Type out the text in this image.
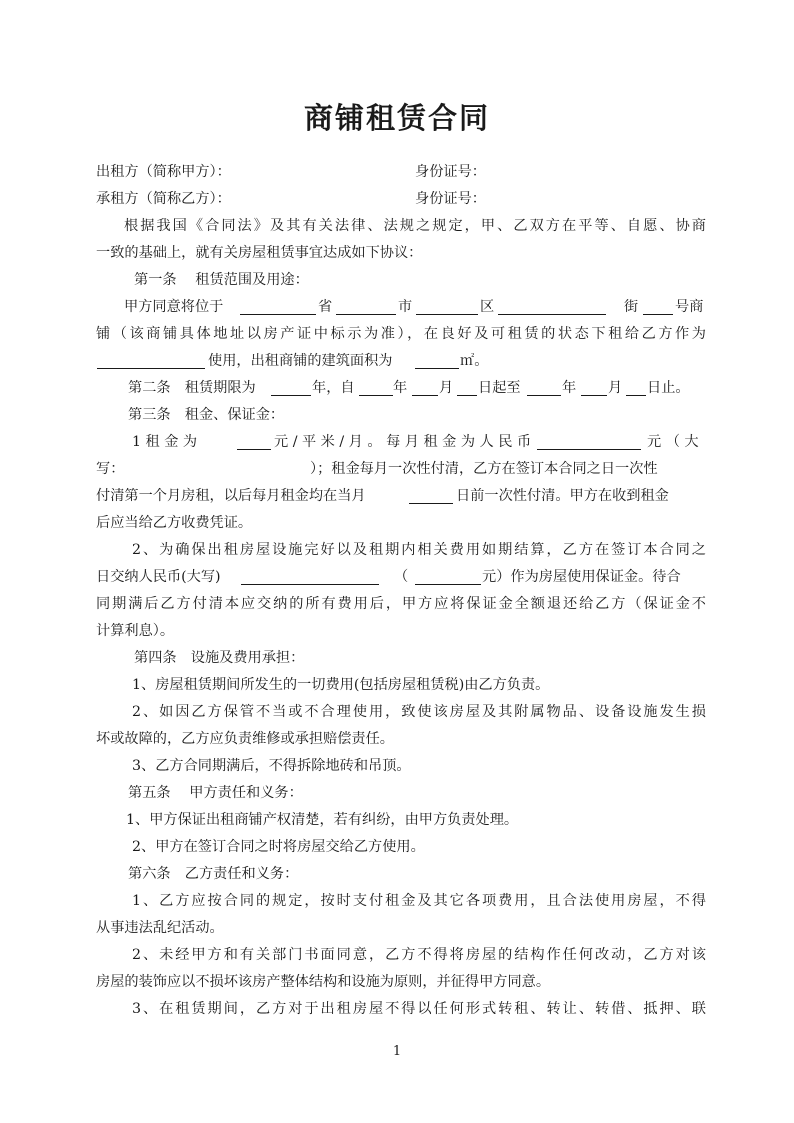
商铺租赁合同
出租方（简称甲方）：	身份证号：
承租方（简称乙方）：	身份证号：
根据我国《合同法》及其有关法律、法规之规定，甲、乙双方在平等、自愿、协商
一致的基础上，就有关房屋租赁事宜达成如下协议：
第一条　 租赁范围及用途：
甲方同意将位于	省	市	区	街	号商
铺（该商铺具体地址以房产证中标示为准），在良好及可租赁的状态下租给乙方作为
使用，出租商铺的建筑面积为	㎡。
第二条　租赁期限为	年，自	年 月 日起至	年 月 日止。
第三条　租金、保证金：
1 租 金 为	元 / 平 米 / 月 。 每 月 租 金 为 人 民 币	元 （ 大
写：	）；租金每月一次性付清，乙方在签订本合同之日一次性
付清第一个月房租，以后每月租金均在当月	日前一次性付清。甲方在收到租金
后应当给乙方收费凭证。
2、为确保出租房屋设施完好以及租期内相关费用如期结算，乙方在签订本合同之
日交纳人民币(大写)	（	元）作为房屋使用保证金。待合
同期满后乙方付清本应交纳的所有费用后，甲方应将保证金全额退还给乙方（保证金不
计算利息）。
第四条　设施及费用承担：
1、房屋租赁期间所发生的一切费用(包括房屋租赁税)由乙方负责。
2、如因乙方保管不当或不合理使用，致使该房屋及其附属物品、设备设施发生损
坏或故障的，乙方应负责维修或承担赔偿责任。
3、乙方合同期满后，不得拆除地砖和吊顶。
第五条　 甲方责任和义务：
1、甲方保证出租商铺产权清楚，若有纠纷，由甲方负责处理。
2、甲方在签订合同之时将房屋交给乙方使用。
第六条　乙方责任和义务：
1、乙方应按合同的规定，按时支付租金及其它各项费用，且合法使用房屋，不得
从事违法乱纪活动。
2、未经甲方和有关部门书面同意，乙方不得将房屋的结构作任何改动，乙方对该
房屋的装饰应以不损坏该房产整体结构和设施为原则，并征得甲方同意。
3、在租赁期间，乙方对于出租房屋不得以任何形式转租、转让、转借、抵押、联
1
